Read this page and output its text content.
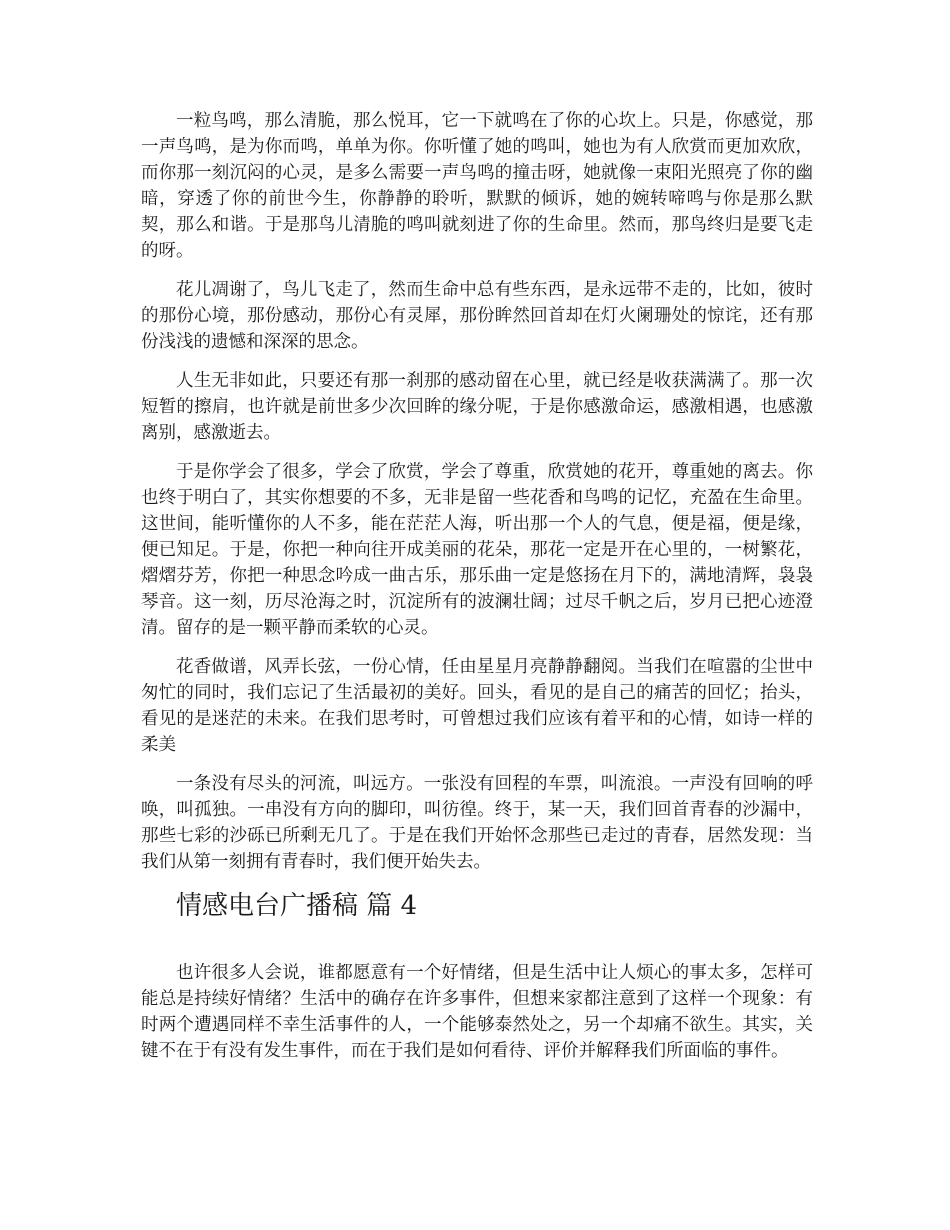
一粒鸟鸣，那么清脆，那么悦耳，它一下就鸣在了你的心坎上。只是，你感觉，那一声鸟鸣，是为你而鸣，单单为你。你听懂了她的鸣叫，她也为有人欣赏而更加欢欣，而你那一刻沉闷的心灵，是多么需要一声鸟鸣的撞击呀，她就像一束阳光照亮了你的幽暗，穿透了你的前世今生，你静静的聆听，默默的倾诉，她的婉转啼鸣与你是那么默契，那么和谐。于是那鸟儿清脆的鸣叫就刻进了你的生命里。然而，那鸟终归是要飞走的呀。

花儿凋谢了，鸟儿飞走了，然而生命中总有些东西，是永远带不走的，比如，彼时的那份心境，那份感动，那份心有灵犀，那份眸然回首却在灯火阑珊处的惊诧，还有那份浅浅的遗憾和深深的思念。

人生无非如此，只要还有那一刹那的感动留在心里，就已经是收获满满了。那一次短暂的擦肩，也许就是前世多少次回眸的缘分呢，于是你感激命运，感激相遇，也感激离别，感激逝去。

于是你学会了很多，学会了欣赏，学会了尊重，欣赏她的花开，尊重她的离去。你也终于明白了，其实你想要的不多，无非是留一些花香和鸟鸣的记忆，充盈在生命里。这世间，能听懂你的人不多，能在茫茫人海，听出那一个人的气息，便是福，便是缘，便已知足。于是，你把一种向往开成美丽的花朵，那花一定是开在心里的，一树繁花，熠熠芬芳，你把一种思念吟成一曲古乐，那乐曲一定是悠扬在月下的，满地清辉，袅袅琴音。这一刻，历尽沧海之时，沉淀所有的波澜壮阔；过尽千帆之后，岁月已把心迹澄清。留存的是一颗平静而柔软的心灵。

花香做谱，风弄长弦，一份心情，任由星星月亮静静翻阅。当我们在喧嚣的尘世中匆忙的同时，我们忘记了生活最初的美好。回头，看见的是自己的痛苦的回忆；抬头，看见的是迷茫的未来。在我们思考时，可曾想过我们应该有着平和的心情，如诗一样的柔美

一条没有尽头的河流，叫远方。一张没有回程的车票，叫流浪。一声没有回响的呼唤，叫孤独。一串没有方向的脚印，叫彷徨。终于，某一天，我们回首青春的沙漏中，那些七彩的沙砾已所剩无几了。于是在我们开始怀念那些已走过的青春，居然发现：当我们从第一刻拥有青春时，我们便开始失去。

情感电台广播稿 篇 4

也许很多人会说，谁都愿意有一个好情绪，但是生活中让人烦心的事太多，怎样可能总是持续好情绪？生活中的确存在许多事件，但想来家都注意到了这样一个现象：有时两个遭遇同样不幸生活事件的人，一个能够泰然处之，另一个却痛不欲生。其实，关键不在于有没有发生事件，而在于我们是如何看待、评价并解释我们所面临的事件。
